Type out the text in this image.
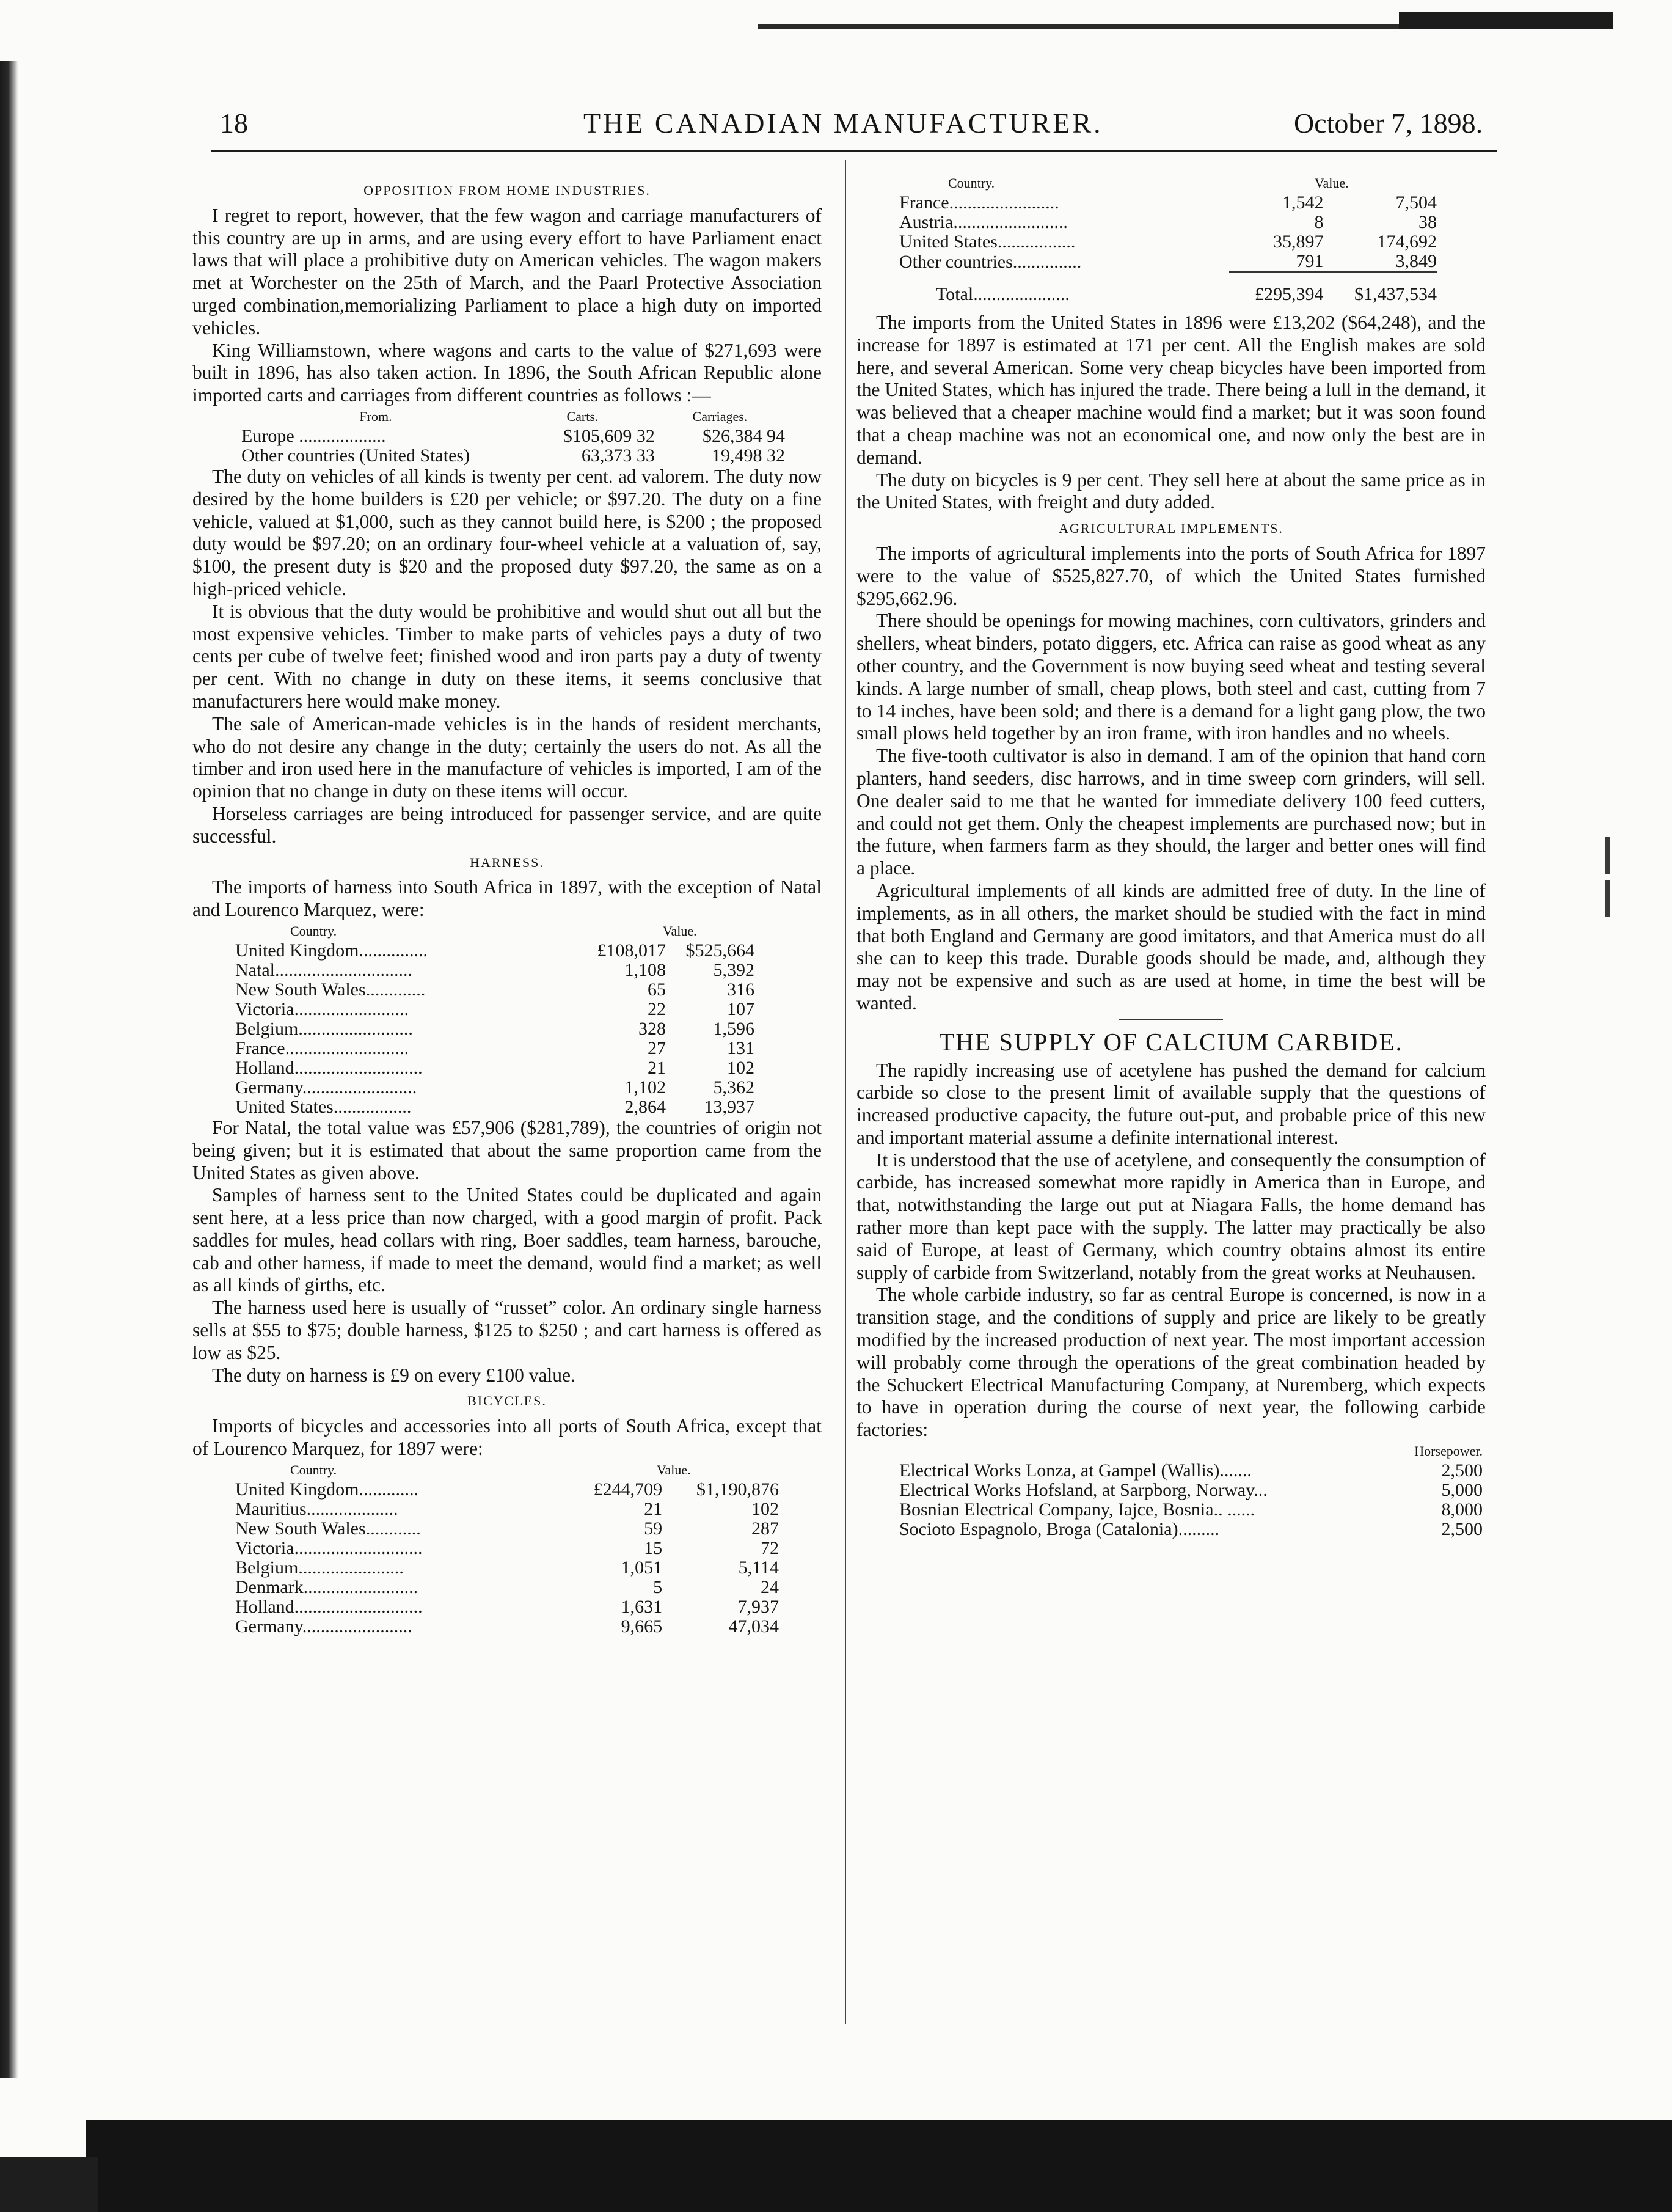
18	THE CANADIAN MANUFACTURER.	October 7, 1898.
OPPOSITION FROM HOME INDUSTRIES.

I regret to report, however, that the few wagon and carriage manufacturers of this country are up in arms, and are using every effort to have Parliament enact laws that will place a prohibitive duty on American vehicles. The wagon makers met at Worchester on the 25th of March, and the Paarl Protective Association urged combination,memorializing Parliament to place a high duty on imported vehicles.

King Williamstown, where wagons and carts to the value of $271,693 were built in 1896, has also taken action. In 1896, the South African Republic alone imported carts and carriages from different countries as follows :—

From.	Carts.	Carriages.
Europe ...................	$105,609 32	$26,384 94
Other countries (United States)	63,373 33	19,498 32

The duty on vehicles of all kinds is twenty per cent. ad valorem. The duty now desired by the home builders is £20 per vehicle; or $97.20. The duty on a fine vehicle, valued at $1,000, such as they cannot build here, is $200 ; the proposed duty would be $97.20; on an ordinary four-wheel vehicle at a valuation of, say, $100, the present duty is $20 and the proposed duty $97.20, the same as on a high-priced vehicle.

It is obvious that the duty would be prohibitive and would shut out all but the most expensive vehicles. Timber to make parts of vehicles pays a duty of two cents per cube of twelve feet; finished wood and iron parts pay a duty of twenty per cent. With no change in duty on these items, it seems conclusive that manufacturers here would make money.

The sale of American-made vehicles is in the hands of resident merchants, who do not desire any change in the duty; certainly the users do not. As all the timber and iron used here in the manufacture of vehicles is imported, I am of the opinion that no change in duty on these items will occur.

Horseless carriages are being introduced for passenger service, and are quite successful.

HARNESS.

The imports of harness into South Africa in 1897, with the exception of Natal and Lourenco Marquez, were:

Country.	Value.	
United Kingdom...............	£108,017	$525,664
Natal..............................	1,108	5,392
New South Wales.............	65	316
Victoria.........................	22	107
Belgium.........................	328	1,596
France...........................	27	131
Holland............................	21	102
Germany.........................	1,102	5,362
United States.................	2,864	13,937

For Natal, the total value was £57,906 ($281,789), the countries of origin not being given; but it is estimated that about the same proportion came from the United States as given above.

Samples of harness sent to the United States could be duplicated and again sent here, at a less price than now charged, with a good margin of profit. Pack saddles for mules, head collars with ring, Boer saddles, team harness, barouche, cab and other harness, if made to meet the demand, would find a market; as well as all kinds of girths, etc.

The harness used here is usually of “russet” color. An ordinary single harness sells at $55 to $75; double harness, $125 to $250 ; and cart harness is offered as low as $25.

The duty on harness is £9 on every £100 value.

BICYCLES.

Imports of bicycles and accessories into all ports of South Africa, except that of Lourenco Marquez, for 1897 were:

Country.	Value.	
United Kingdom.............	£244,709	$1,190,876
Mauritius....................	21	102
New South Wales............	59	287
Victoria............................	15	72
Belgium.......................	1,051	5,114
Denmark.........................	5	24
Holland............................	1,631	7,937
Germany........................	9,665	47,034
Country.	Value.	
France........................	1,542	7,504
Austria.........................	8	38
United States.................	35,897	174,692
Other countries...............	791	3,849

Total.....................	£295,394	$1,437,534

The imports from the United States in 1896 were £13,202 ($64,248), and the increase for 1897 is estimated at 171 per cent. All the English makes are sold here, and several American. Some very cheap bicycles have been imported from the United States, which has injured the trade. There being a lull in the demand, it was believed that a cheaper machine would find a market; but it was soon found that a cheap machine was not an economical one, and now only the best are in demand.

The duty on bicycles is 9 per cent. They sell here at about the same price as in the United States, with freight and duty added.

AGRICULTURAL IMPLEMENTS.

The imports of agricultural implements into the ports of South Africa for 1897 were to the value of $525,827.70, of which the United States furnished $295,662.96.

There should be openings for mowing machines, corn cultivators, grinders and shellers, wheat binders, potato diggers, etc. Africa can raise as good wheat as any other country, and the Government is now buying seed wheat and testing several kinds. A large number of small, cheap plows, both steel and cast, cutting from 7 to 14 inches, have been sold; and there is a demand for a light gang plow, the two small plows held together by an iron frame, with iron handles and no wheels.

The five-tooth cultivator is also in demand. I am of the opinion that hand corn planters, hand seeders, disc harrows, and in time sweep corn grinders, will sell. One dealer said to me that he wanted for immediate delivery 100 feed cutters, and could not get them. Only the cheapest implements are purchased now; but in the future, when farmers farm as they should, the larger and better ones will find a place.

Agricultural implements of all kinds are admitted free of duty. In the line of implements, as in all others, the market should be studied with the fact in mind that both England and Germany are good imitators, and that America must do all she can to keep this trade. Durable goods should be made, and, although they may not be expensive and such as are used at home, in time the best will be wanted.

THE SUPPLY OF CALCIUM CARBIDE.

The rapidly increasing use of acetylene has pushed the demand for calcium carbide so close to the present limit of available supply that the questions of increased productive capacity, the future out-put, and probable price of this new and important material assume a definite international interest.

It is understood that the use of acetylene, and consequently the consumption of carbide, has increased somewhat more rapidly in America than in Europe, and that, notwithstanding the large out put at Niagara Falls, the home demand has rather more than kept pace with the supply. The latter may practically be also said of Europe, at least of Germany, which country obtains almost its entire supply of carbide from Switzerland, notably from the great works at Neuhausen.

The whole carbide industry, so far as central Europe is concerned, is now in a transition stage, and the conditions of supply and price are likely to be greatly modified by the increased production of next year. The most important accession will probably come through the operations of the great combination headed by the Schuckert Electrical Manufacturing Company, at Nuremberg, which expects to have in operation during the course of next year, the following carbide factories:

	Horsepower.
Electrical Works Lonza, at Gampel (Wallis).......	2,500
Electrical Works Hofsland, at Sarpborg, Norway...	5,000
Bosnian Electrical Company, Iajce, Bosnia.. ......	8,000
Socioto Espagnolo, Broga (Catalonia).........	2,500
